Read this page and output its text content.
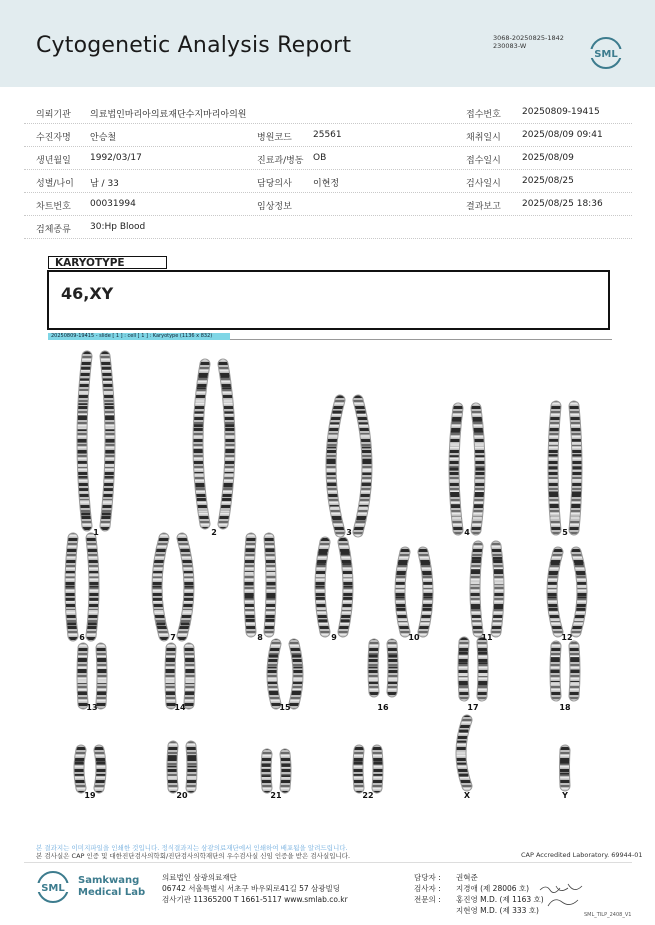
Cytogenetic Analysis Report	3068-20250825-1842
230083-W
SML
의뢰기관 의료법인마리아의료재단수지마리아의원	접수번호 20250809-19415
수진자명 안승철	병원코드 25561	채취일시 2025/08/09 09:41
생년월일 1992/03/17	진료과/병동 OB	접수일시 2025/08/09
성별/나이 남 / 33	담당의사 이현정	검사일시 2025/08/25
차트번호 00031994	임상정보	결과보고 2025/08/25 18:36
검체종류 30:Hp Blood
KARYOTYPE
46,XY
20250809-19415 - slide [ 1 ] : cell [ 1 ] : Karyotype (1136 x 832)
1	2	3	4	5
6	7	8	9	10	11	12
13	14	15	16	17	18
19	20	21	22	X	Y
본 결과지는 이미지파일을 인쇄한 것입니다. 정식결과지는 삼광의료재단에서 인쇄하여 배포됨을 알려드립니다.
본 검사실은 CAP 인증 및 대한진단검사의학회/진단검사의학재단의 우수검사실 신임 인증을 받은 검사실입니다.	CAP Accredited Laboratory. 69944-01
SML
Samkwang
Medical Lab
의료법인 삼광의료재단
06742 서울특별시 서초구 바우뫼로41길 57 삼광빌딩
검사기관 11365200 T 1661-5117 www.smlab.co.kr
담당자 : 권혁준
검사자 : 지경애 (제 28006 호)
전문의 : 홍진영 M.D. (제 1163 호)
지현영 M.D. (제 333 호)	SML_TILP_2408_V1
